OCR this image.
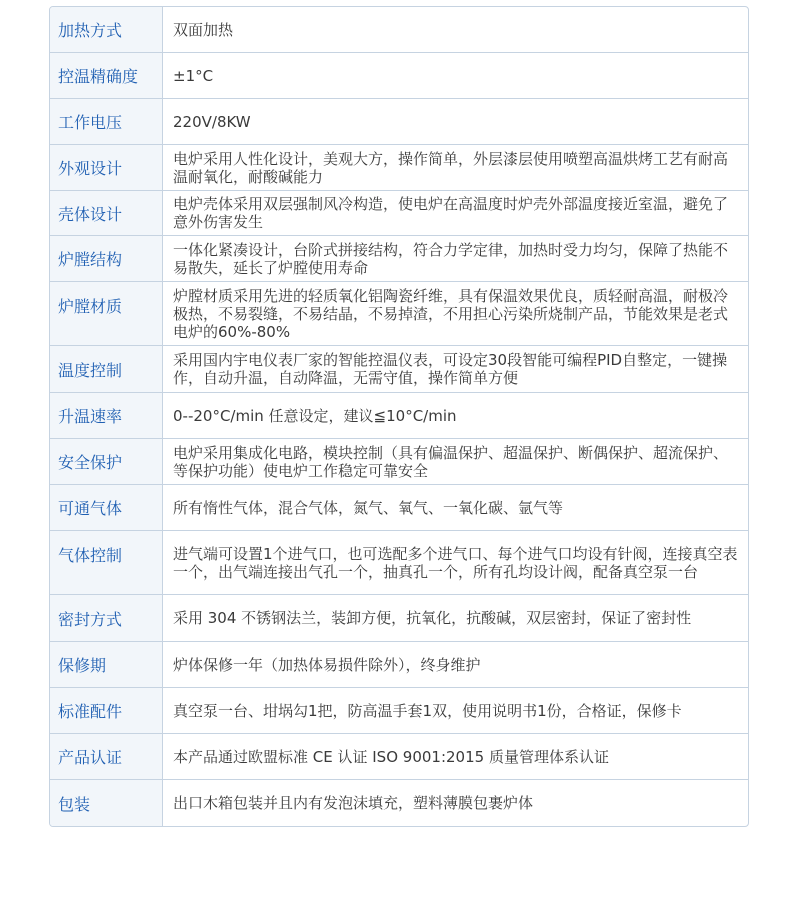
加热方式	双面加热
控温精确度	±1°C
工作电压	220V/8KW
外观设计	电炉采用人性化设计，美观大方，操作简单，外层漆层使用喷塑高温烘烤工艺有耐高温耐氧化，耐酸碱能力
壳体设计	电炉壳体采用双层强制风冷构造，使电炉在高温度时炉壳外部温度接近室温，避免了意外伤害发生
炉膛结构	一体化紧凑设计，台阶式拼接结构，符合力学定律，加热时受力均匀，保障了热能不易散失，延长了炉膛使用寿命
炉膛材质	炉膛材质采用先进的轻质氧化铝陶瓷纤维，具有保温效果优良，质轻耐高温，耐极冷极热，不易裂缝，不易结晶，不易掉渣，不用担心污染所烧制产品，节能效果是老式电炉的60%-80%
温度控制	采用国内宇电仪表厂家的智能控温仪表，可设定30段智能可编程PID自整定，一键操作，自动升温，自动降温，无需守值，操作简单方便
升温速率	0--20°C/min 任意设定，建议≦10°C/min
安全保护	电炉采用集成化电路，模块控制（具有偏温保护、超温保护、断偶保护、超流保护、等保护功能）使电炉工作稳定可靠安全
可通气体	所有惰性气体，混合气体，氮气、氧气、一氧化碳、氩气等
气体控制	进气端可设置1个进气口，也可选配多个进气口、每个进气口均设有针阀，连接真空表一个，出气端连接出气孔一个，抽真孔一个，所有孔均设计阀，配备真空泵一台
密封方式	采用 304 不锈钢法兰，装卸方便，抗氧化，抗酸碱，双层密封，保证了密封性
保修期	炉体保修一年（加热体易损件除外），终身维护
标准配件	真空泵一台、坩埚勾1把，防高温手套1双，使用说明书1份，合格证，保修卡
产品认证	本产品通过欧盟标准 CE 认证 ISO 9001:2015 质量管理体系认证
包装	出口木箱包装并且内有发泡沫填充，塑料薄膜包裹炉体
